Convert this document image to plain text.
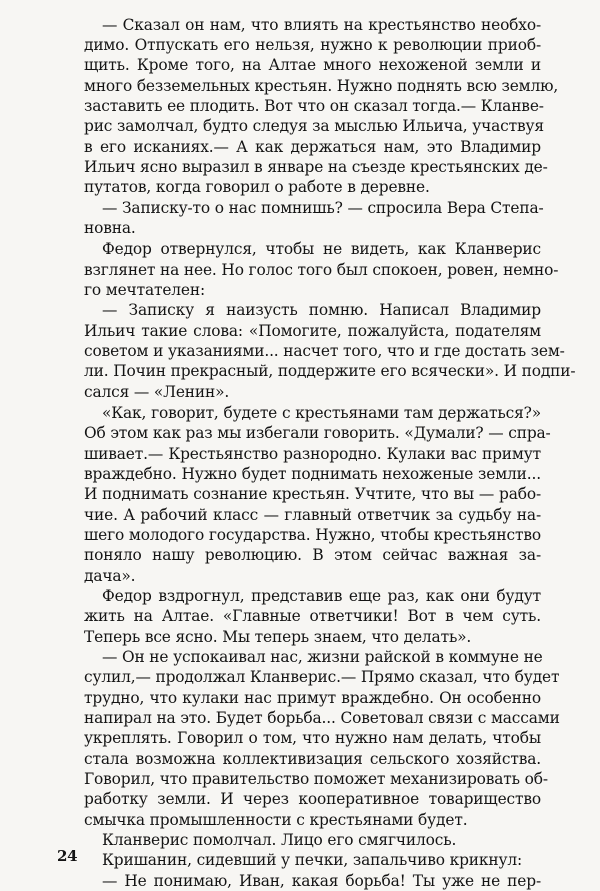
— Сказал он нам, что влиять на крестьянство необхо-
димо. Отпускать его нельзя, нужно к революции приоб-
щить. Кроме того, на Алтае много нехоженой земли и
много безземельных крестьян. Нужно поднять всю землю,
заставить ее плодить. Вот что он сказал тогда.— Кланве-
рис замолчал, будто следуя за мыслью Ильича, участвуя
в его исканиях.— А как держаться нам, это Владимир
Ильич ясно выразил в январе на съезде крестьянских де-
путатов, когда говорил о работе в деревне.
— Записку-то о нас помнишь? — спросила Вера Степа-
новна.
Федор отвернулся, чтобы не видеть, как Кланверис
взглянет на нее. Но голос того был спокоен, ровен, немно-
го мечтателен:
— Записку я наизусть помню. Написал Владимир
Ильич такие слова: «Помогите, пожалуйста, подателям
советом и указаниями... насчет того, что и где достать зем-
ли. Почин прекрасный, поддержите его всячески». И подпи-
сался — «Ленин».
«Как, говорит, будете с крестьянами там держаться?»
Об этом как раз мы избегали говорить. «Думали? — спра-
шивает.— Крестьянство разнородно. Кулаки вас примут
враждебно. Нужно будет поднимать нехоженые земли...
И поднимать сознание крестьян. Учтите, что вы — рабо-
чие. А рабочий класс — главный ответчик за судьбу на-
шего молодого государства. Нужно, чтобы крестьянство
поняло нашу революцию. В этом сейчас важная за-
дача».
Федор вздрогнул, представив еще раз, как они будут
жить на Алтае. «Главные ответчики! Вот в чем суть.
Теперь все ясно. Мы теперь знаем, что делать».
— Он не успокаивал нас, жизни райской в коммуне не
сулил,— продолжал Кланверис.— Прямо сказал, что будет
трудно, что кулаки нас примут враждебно. Он особенно
напирал на это. Будет борьба... Советовал связи с массами
укреплять. Говорил о том, что нужно нам делать, чтобы
стала возможна коллективизация сельского хозяйства.
Говорил, что правительство поможет механизировать об-
работку земли. И через кооперативное товарищество
смычка промышленности с крестьянами будет.
Кланверис помолчал. Лицо его смягчилось.
Кришанин, сидевший у печки, запальчиво крикнул:
— Не понимаю, Иван, какая борьба! Ты уже не пер-
24
